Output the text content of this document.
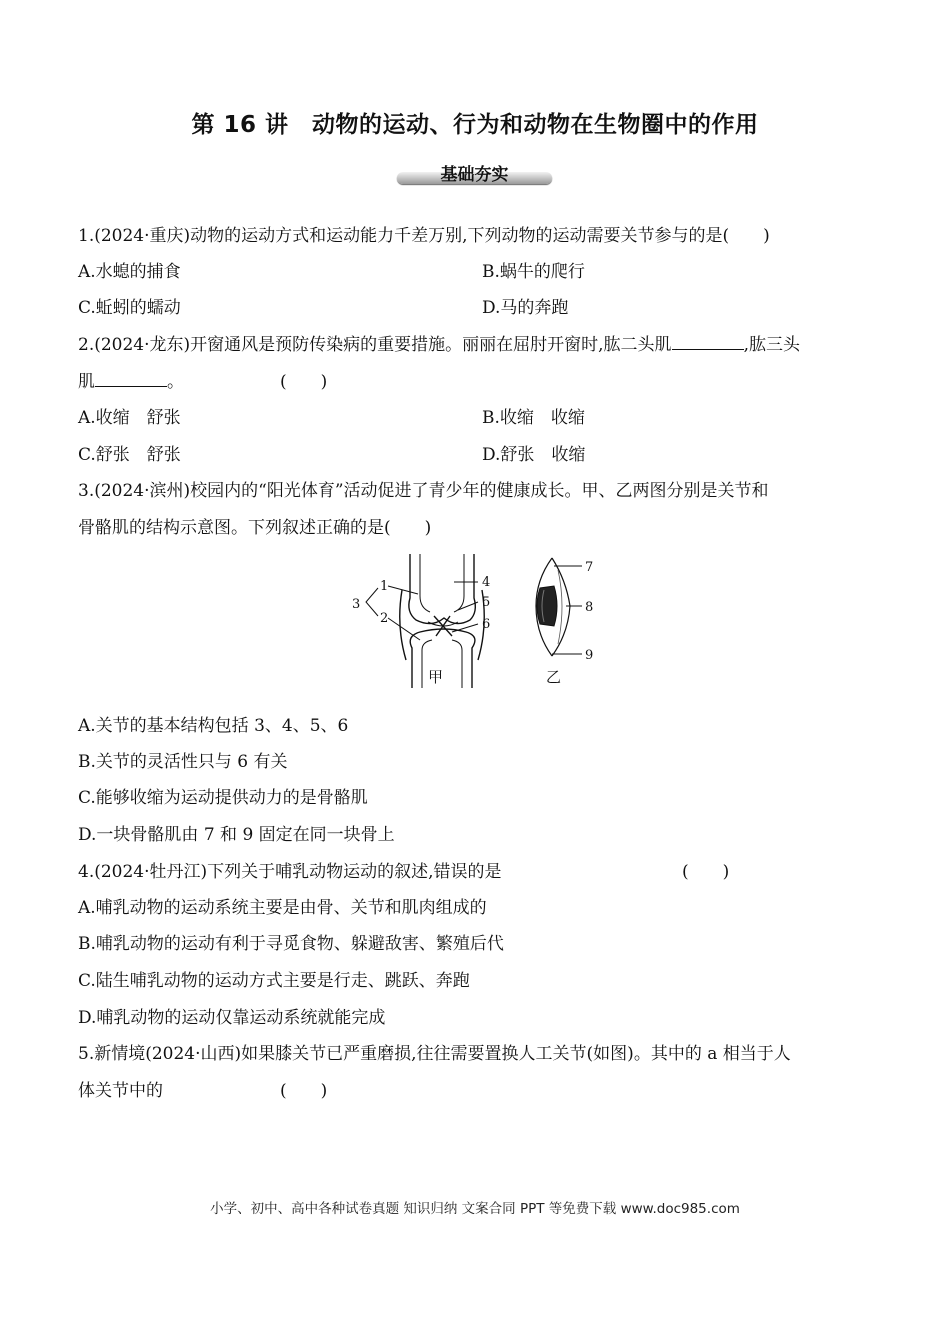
第 16 讲　动物的运动、行为和动物在生物圈中的作用
基础夯实
1.(2024·重庆)动物的运动方式和运动能力千差万别,下列动物的运动需要关节参与的是(　　)
A.水螅的捕食	B.蜗牛的爬行
C.蚯蚓的蠕动	D.马的奔跑
2.(2024·龙东)开窗通风是预防传染病的重要措施。丽丽在屈肘开窗时,肱二头肌	,肱三头
肌	。	(　　)
A.收缩　舒张	B.收缩　收缩
C.舒张　舒张	D.舒张　收缩
3.(2024·滨州)校园内的“阳光体育”活动促进了青少年的健康成长。甲、乙两图分别是关节和
骨骼肌的结构示意图。下列叙述正确的是(　　)
1
2
3
4
5
6
甲
7
8
9
乙
A.关节的基本结构包括 3、4、5、6
B.关节的灵活性只与 6 有关
C.能够收缩为运动提供动力的是骨骼肌
D.一块骨骼肌由 7 和 9 固定在同一块骨上
4.(2024·牡丹江)下列关于哺乳动物运动的叙述,错误的是	(　　)
A.哺乳动物的运动系统主要是由骨、关节和肌肉组成的
B.哺乳动物的运动有利于寻觅食物、躲避敌害、繁殖后代
C.陆生哺乳动物的运动方式主要是行走、跳跃、奔跑
D.哺乳动物的运动仅靠运动系统就能完成
5.新情境(2024·山西)如果膝关节已严重磨损,往往需要置换人工关节(如图)。其中的 a 相当于人
体关节中的	(　　)
小学、初中、高中各种试卷真题 知识归纳 文案合同 PPT 等免费下载 www.doc985.com
